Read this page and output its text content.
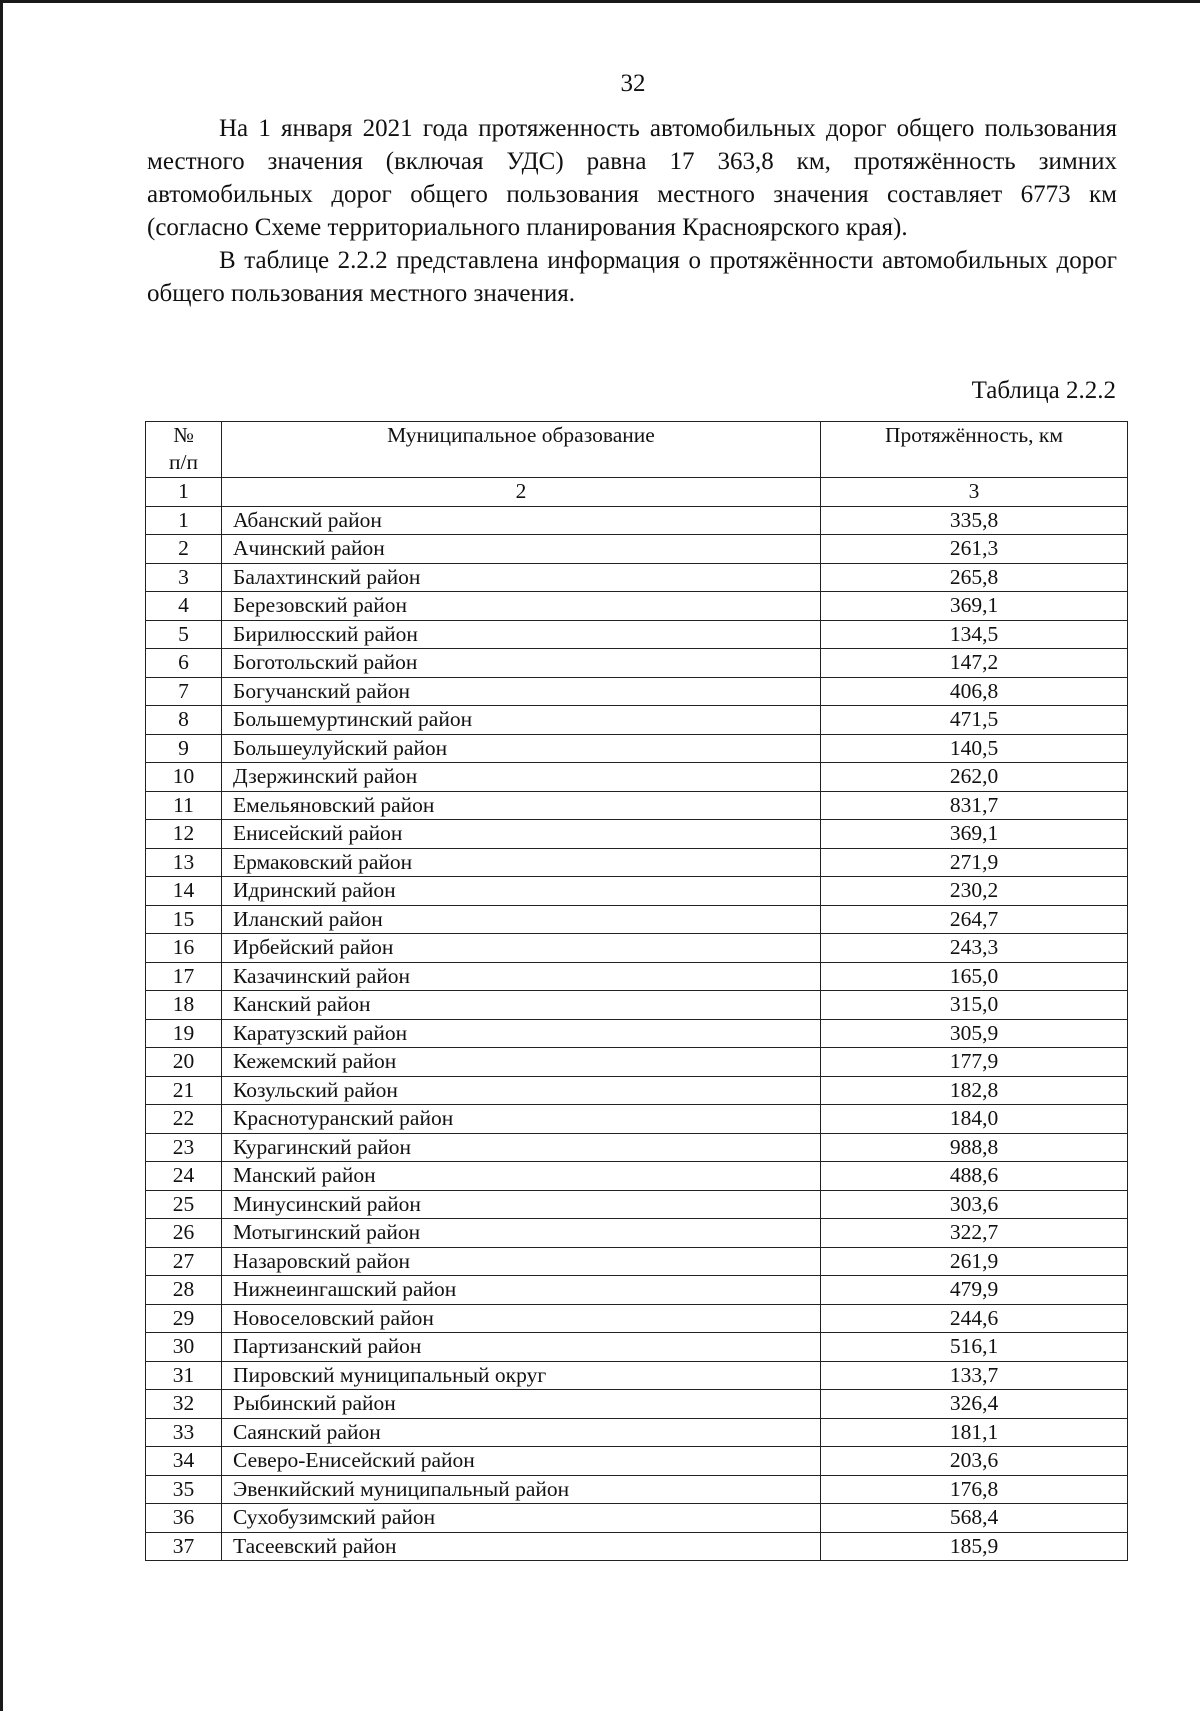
32

На 1 января 2021 года протяженность автомобильных дорог общего пользования местного значения (включая УДС) равна 17 363,8 км, протяжённость зимних автомобильных дорог общего пользования местного значения составляет 6773 км (согласно Схеме территориального планирования Красноярского края).

В таблице 2.2.2 представлена информация о протяжённости автомобильных дорог общего пользования местного значения.

Таблица 2.2.2
№
п/п	Муниципальное образование	Протяжённость, км
1	2	3
1	Абанский район	335,8
2	Ачинский район	261,3
3	Балахтинский район	265,8
4	Березовский район	369,1
5	Бирилюсский район	134,5
6	Боготольский район	147,2
7	Богучанский район	406,8
8	Большемуртинский район	471,5
9	Большеулуйский район	140,5
10	Дзержинский район	262,0
11	Емельяновский район	831,7
12	Енисейский район	369,1
13	Ермаковский район	271,9
14	Идринский район	230,2
15	Иланский район	264,7
16	Ирбейский район	243,3
17	Казачинский район	165,0
18	Канский район	315,0
19	Каратузский район	305,9
20	Кежемский район	177,9
21	Козульский район	182,8
22	Краснотуранский район	184,0
23	Курагинский район	988,8
24	Манский район	488,6
25	Минусинский район	303,6
26	Мотыгинский район	322,7
27	Назаровский район	261,9
28	Нижнеингашский район	479,9
29	Новоселовский район	244,6
30	Партизанский район	516,1
31	Пировский муниципальный округ	133,7
32	Рыбинский район	326,4
33	Саянский район	181,1
34	Северо-Енисейский район	203,6
35	Эвенкийский муниципальный район	176,8
36	Сухобузимский район	568,4
37	Тасеевский район	185,9
